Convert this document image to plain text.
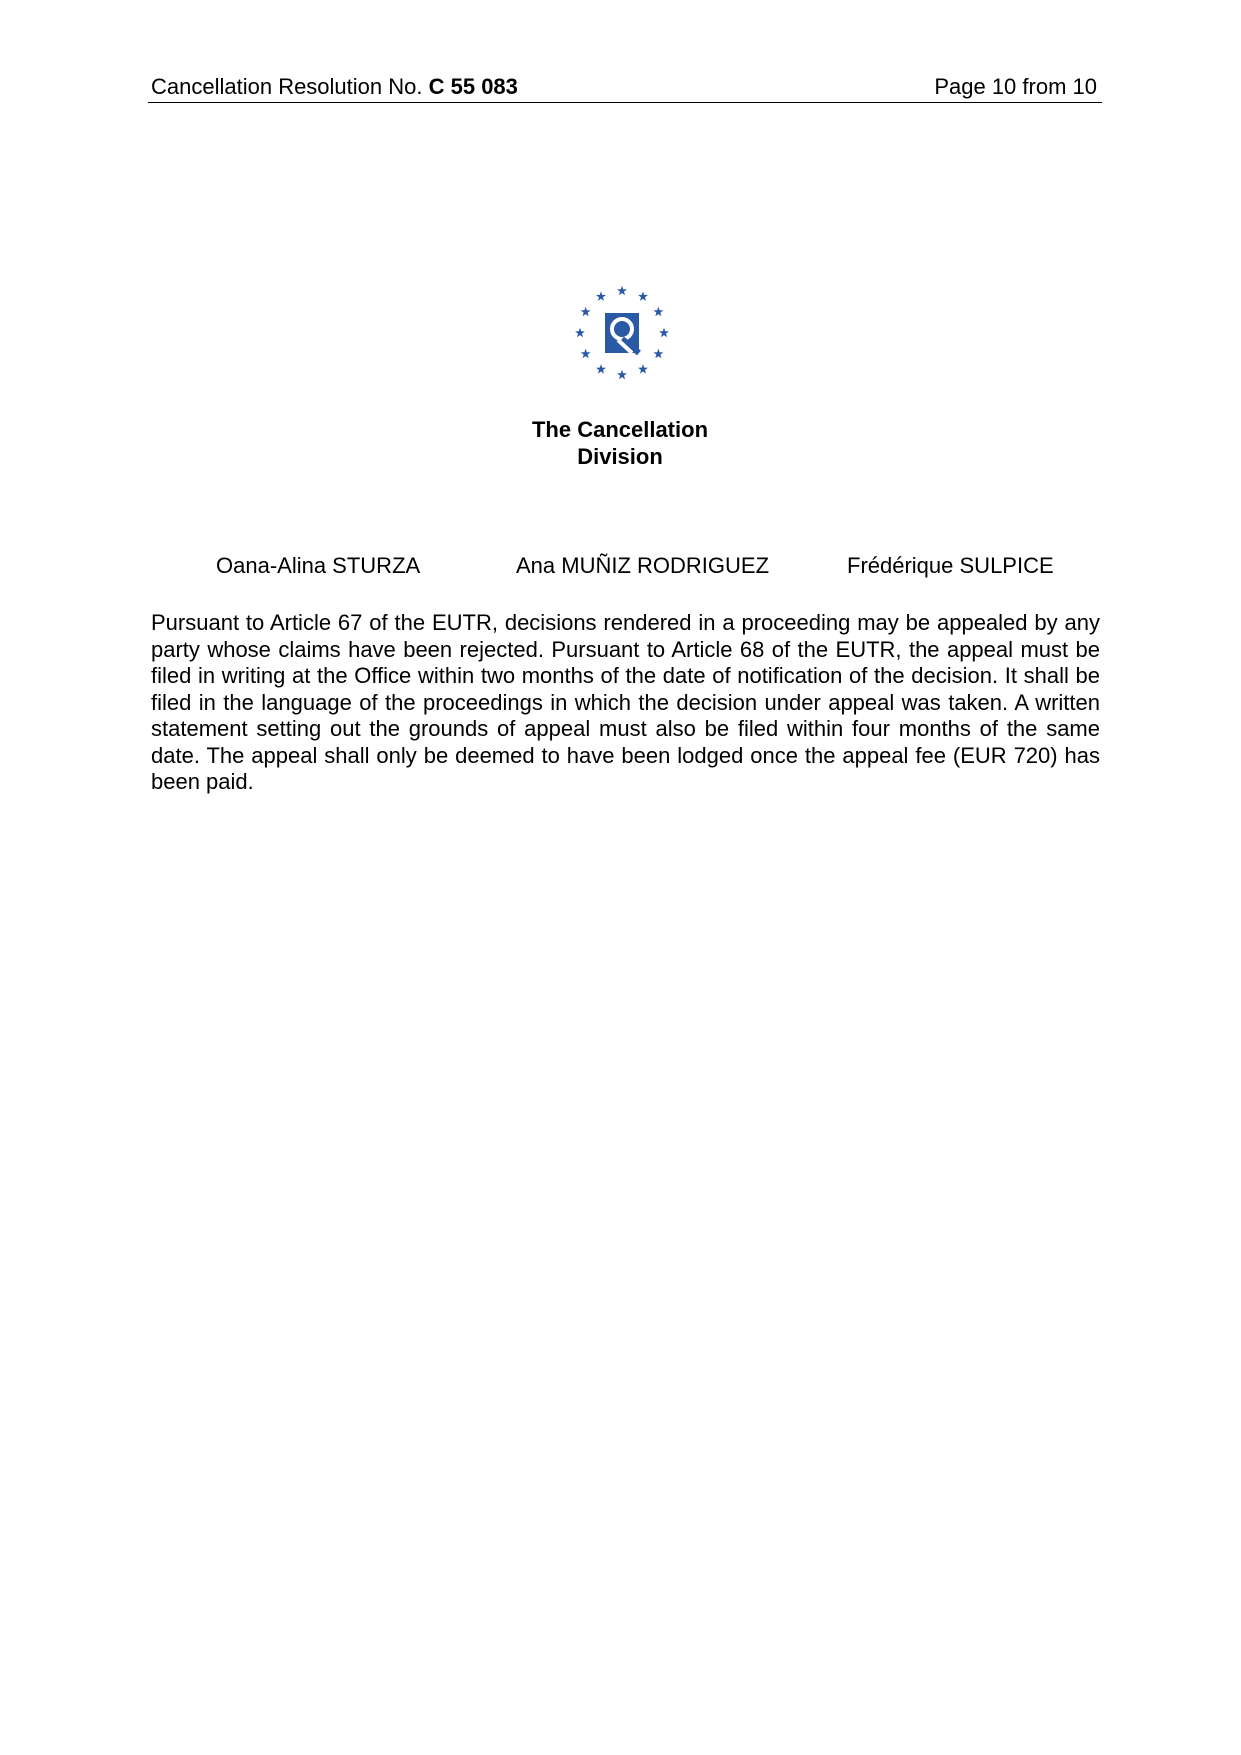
Cancellation Resolution No. C 55 083	Page 10 from 10
The Cancellation
Division
Oana-Alina STURZA	Ana MUÑIZ RODRIGUEZ	Frédérique SULPICE

Pursuant to Article 67 of the EUTR, decisions rendered in a proceeding may be appealed by any party whose claims have been rejected. Pursuant to Article 68 of the EUTR, the appeal must be filed in writing at the Office within two months of the date of notification of the decision. It shall be filed in the language of the proceedings in which the decision under appeal was taken. A written statement setting out the grounds of appeal must also be filed within four months of the same date. The appeal shall only be deemed to have been lodged once the appeal fee (EUR 720) has been paid.
